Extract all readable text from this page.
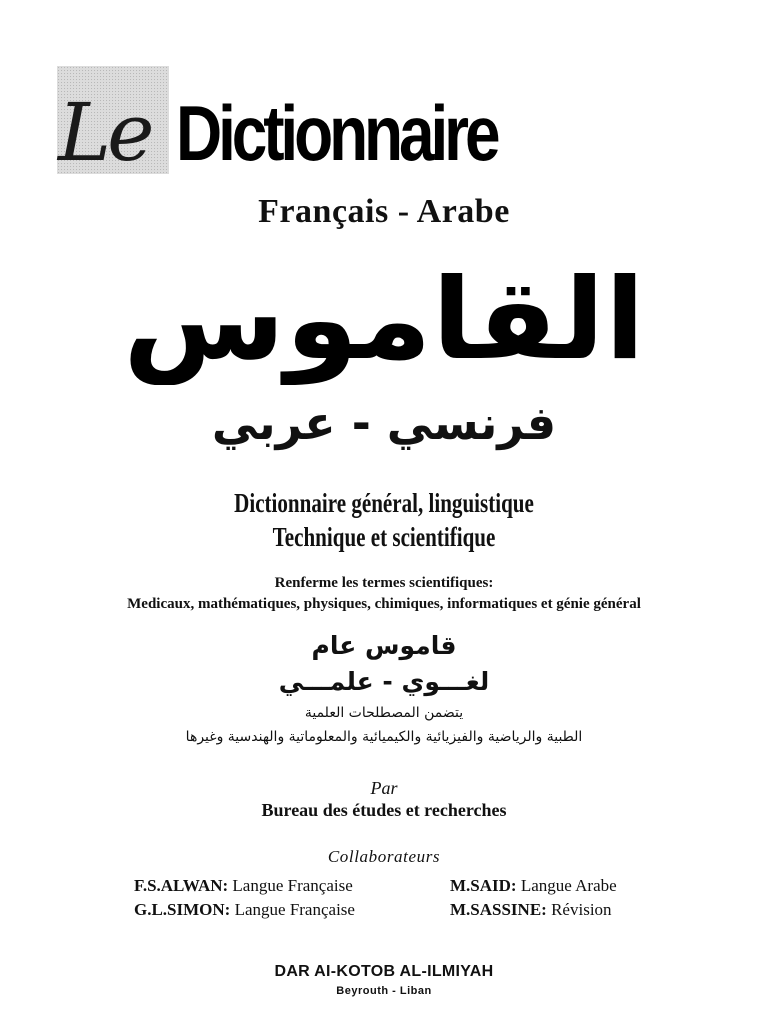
Le Dictionnaire
Français - Arabe
القاموس
فرنسي - عربي
Dictionnaire général, linguistique
Technique et scientifique
Renferme les termes scientifiques:
Medicaux, mathématiques, physiques, chimiques, informatiques et génie général
قاموس عام
لغـــوي - علمـــي
يتضمن المصطلحات العلمية
الطبية والرياضية والفيزيائية والكيميائية والمعلوماتية والهندسية وغيرها
Par
Bureau des études et recherches
Collaborateurs
F.S.ALWAN: Langue Française	M.SAID: Langue Arabe
G.L.SIMON: Langue Française	M.SASSINE: Révision
DAR AI-KOTOB AL-ILMIYAH
Beyrouth - Liban
